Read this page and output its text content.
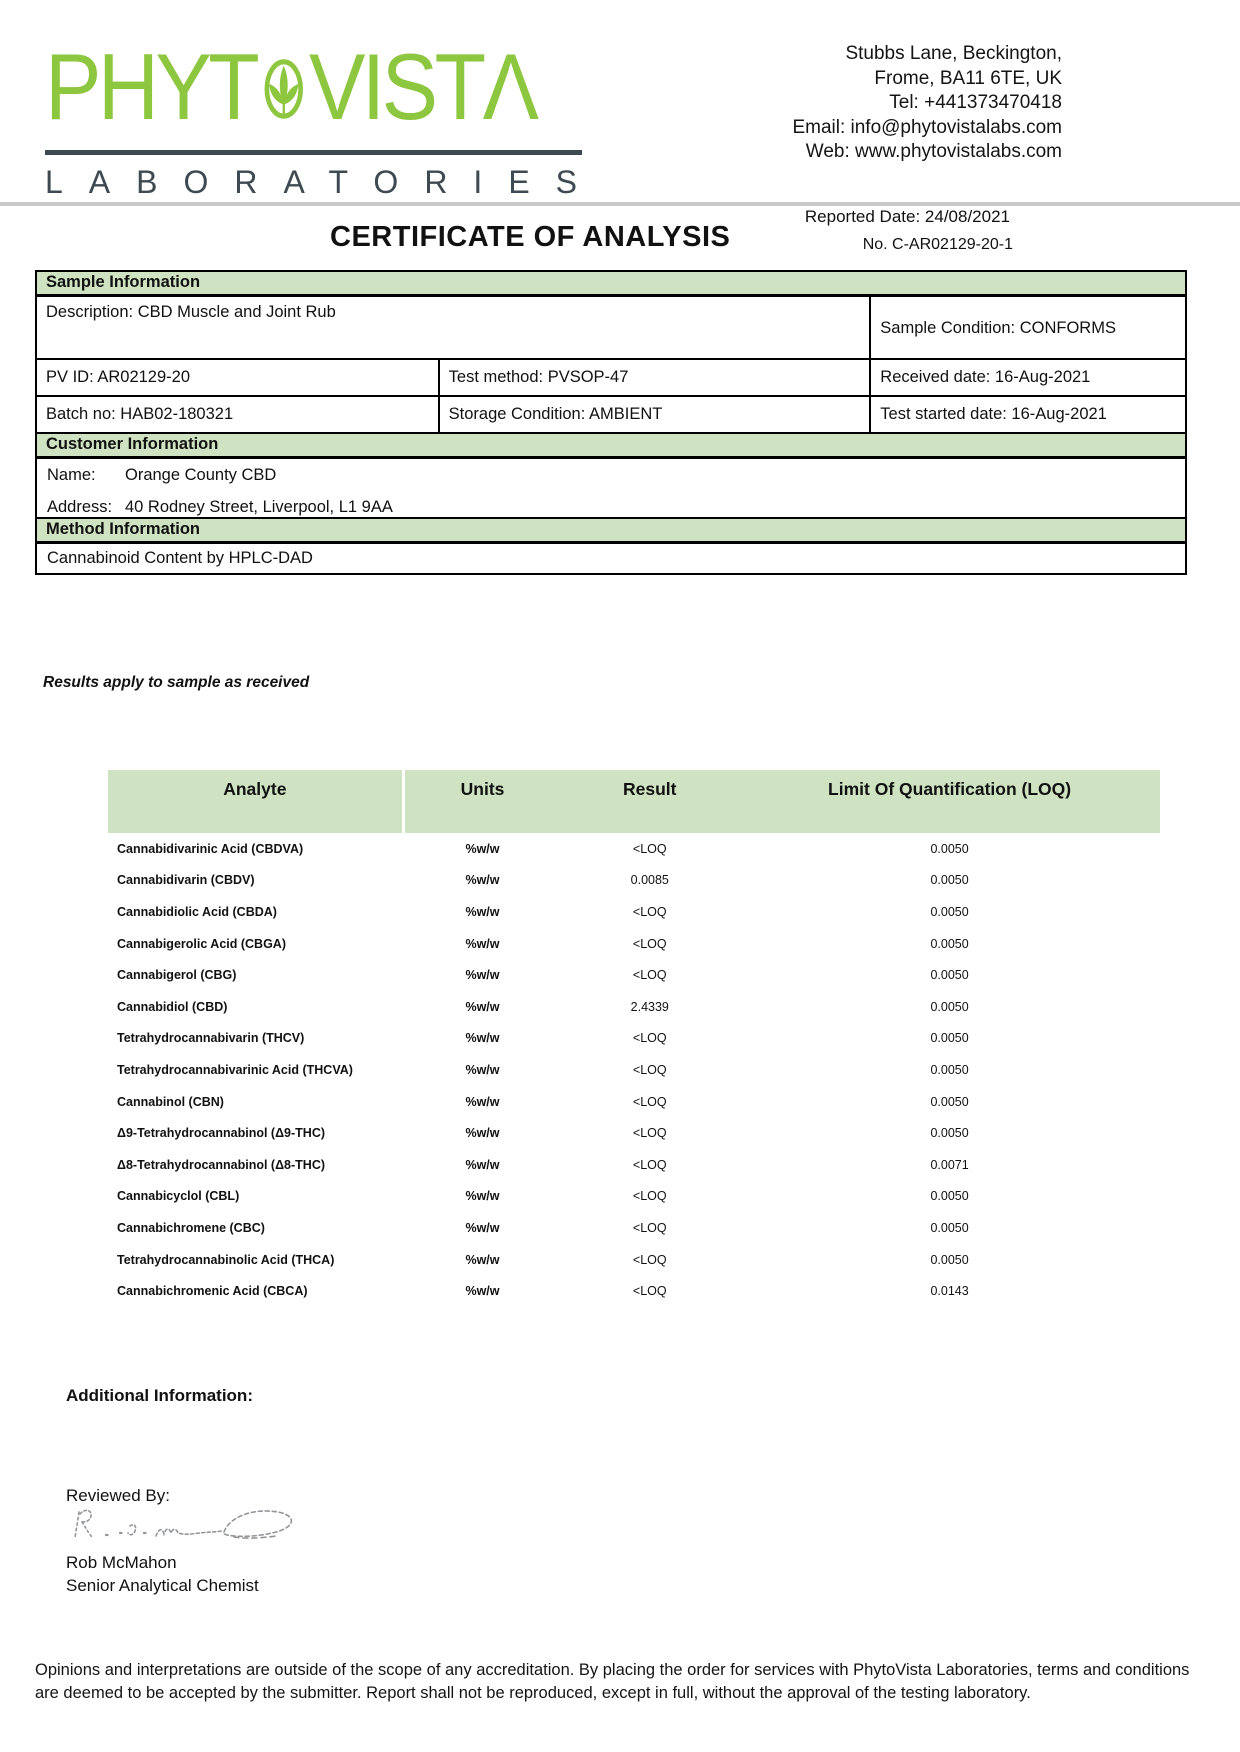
PHYT VISTΛ
LABORATORIES
Stubbs Lane, Beckington,
Frome, BA11 6TE, UK
Tel: +441373470418
Email: info@phytovistalabs.com
Web: www.phytovistalabs.com
Reported Date: 24/08/2021
CERTIFICATE OF ANALYSIS	No. C-AR02129-20-1
Sample Information
Description: CBD Muscle and Joint Rub
Sample Condition: CONFORMS
PV ID: AR02129-20	Test method: PVSOP-47	Received date: 16-Aug-2021
Batch no: HAB02-180321	Storage Condition: AMBIENT	Test started date: 16-Aug-2021
Customer Information
Name: Orange County CBD
Address: 40 Rodney Street, Liverpool, L1 9AA
Method Information
Cannabinoid Content by HPLC-DAD
Results apply to sample as received
Analyte	Units	Result	Limit Of Quantification (LOQ)
Cannabidivarinic Acid (CBDVA)	%w/w	<LOQ	0.0050
Cannabidivarin (CBDV)	%w/w	0.0085	0.0050
Cannabidiolic Acid (CBDA)	%w/w	<LOQ	0.0050
Cannabigerolic Acid (CBGA)	%w/w	<LOQ	0.0050
Cannabigerol (CBG)	%w/w	<LOQ	0.0050
Cannabidiol (CBD)	%w/w	2.4339	0.0050
Tetrahydrocannabivarin (THCV)	%w/w	<LOQ	0.0050
Tetrahydrocannabivarinic Acid (THCVA)	%w/w	<LOQ	0.0050
Cannabinol (CBN)	%w/w	<LOQ	0.0050
Δ9-Tetrahydrocannabinol (Δ9-THC)	%w/w	<LOQ	0.0050
Δ8-Tetrahydrocannabinol (Δ8-THC)	%w/w	<LOQ	0.0071
Cannabicyclol (CBL)	%w/w	<LOQ	0.0050
Cannabichromene (CBC)	%w/w	<LOQ	0.0050
Tetrahydrocannabinolic Acid (THCA)	%w/w	<LOQ	0.0050
Cannabichromenic Acid (CBCA)	%w/w	<LOQ	0.0143
Additional Information:
Reviewed By:
Rob McMahon
Senior Analytical Chemist
Opinions and interpretations are outside of the scope of any accreditation. By placing the order for services with PhytoVista Laboratories, terms and conditions are deemed to be accepted by the submitter. Report shall not be reproduced, except in full, without the approval of the testing laboratory.
